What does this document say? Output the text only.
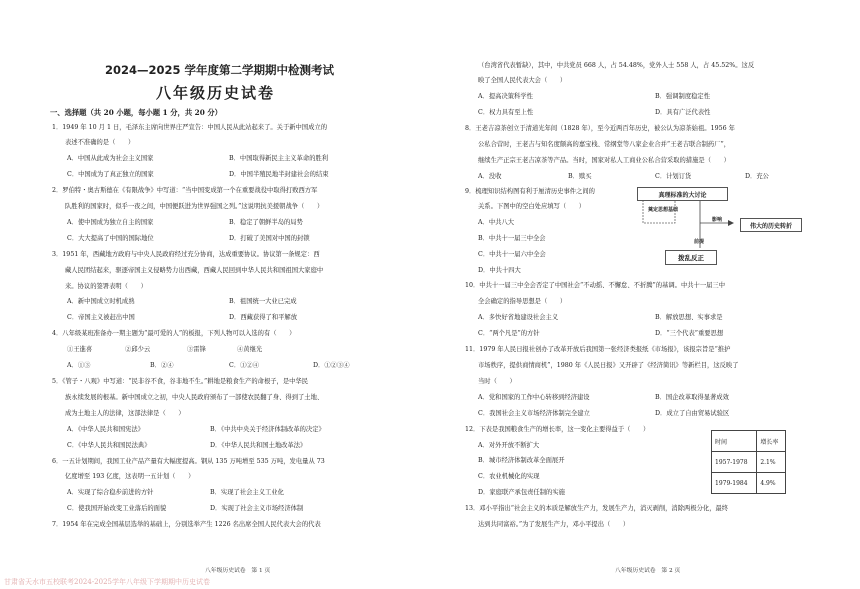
2024—2025 学年度第二学期期中检测考试
八年级历史试卷
一、选择题（共 20 小题，每小题 1 分，共 20 分）
1．1949 年 10 月 1 日，毛泽东主席向世界庄严宣告：中国人民从此站起来了。关于新中国成立的
表述不准确的是（　　）
A．中国从此成为社会主义国家	B．中国取得新民主主义革命的胜利
C．中国成为了真正独立的国家	D．中国半殖民地半封建社会的结束
2．罗伯特・奥古斯德在《有限战争》中写道：“当中国变成第一个在重要战役中取得打败西方军
队胜利的国家时，似乎一夜之间，中国便跃进为世界强国之列。”这说明抗美援朝战争（　　）
A．使中国成为独立自主的国家	B．稳定了朝鲜半岛的局势
C．大大提高了中国的国际地位	D．打破了美国对中国的封锁
3．1951 年，西藏地方政府与中央人民政府经过充分协商，达成重要协议。协议第一条规定：西
藏人民团结起来，驱逐帝国主义侵略势力出西藏，西藏人民回到中华人民共和国祖国大家庭中
来。协议的签署表明（　　）
A．新中国成立时机成熟	B．祖国统一大业已完成
C．帝国主义被赶出中国	D．西藏获得了和平解放
4．八年级某班准备办一期主题为“最可爱的人”的板报，下列人物可以入选的有（　　）
①王進喜	②邱少云	③雷锋	④黄继光
A．①③	B．②④	C．①②④	D．①②③④
5．《管子・八观》中写道：“民非谷不食，谷非地不生。”耕地是粮食生产的命根子，是中华民
族永续发展的根基。新中国成立之初，中央人民政府颁布了一部使农民翻了身、得到了土地、
成为土地主人的法律，这部法律是（　　）
A．《中华人民共和国宪法》	B．《中共中央关于经济体制改革的决定》
C．《中华人民共和国民法典》	D．《中华人民共和国土地改革法》
6．一五计划期间，我国工业产品产量有大幅度提高。钢从 135 万吨增至 535 万吨，发电量从 73
亿度增至 193 亿度，这表明一五计划（　　）
A．实现了综合稳步前进的方针	B．实现了社会主义工业化
C．使我国开始改变工业落后的面貌	D．实现了社会主义市场经济体制
7．1954 年在完成全国基层选举的基础上，分别选举产生 1226 名出席全国人民代表大会的代表
（台湾省代表暂缺），其中，中共党员 668 人，占 54.48%，党外人士 558 人，占 45.52%。这反
映了全国人民代表大会（　　）
A．提高决策科学性	B．强调制度稳定性
C．权力具有至上性	D．具有广泛代表性
8．王老吉凉茶创立于清道光年间（1828 年），至今近两百年历史，被公认为凉茶始祖。1956 年
公私合营时，王老吉与知名度颇高的嘉宝栈、常纲堂等八家企业合并“王老吉联合制药厂”，
继续生产正宗王老吉凉茶等产品。当时，国家对私人工商业公私合营采取的措施是（　　）
A．没收	B．赎买	C．计划订货	D．充公
9．梳理知识结构图有利于厘清历史事件之间的
关系。下图中的空白处应填写（　　）
A．中共八大
B．中共十一届三中全会
C．中共十一届六中全会
D．中共十四大
10．中共十一届三中全会否定了中国社会“不动摇、不懈怠、不折腾”的基调。中共十一届三中
全会确定的指导思想是（　　）
A．多快好省地建设社会主义	B．解放思想、实事求是
C．“两个凡是”的方针	D．“三个代表”重要思想
11．1979 年人民日报社创办了改革开放后我国第一张经济类报纸《市场报》，该报宗旨是“推护
市场秩序，提供商情商机”，1980 年《人民日报》又开辟了《经济简讯》等新栏目，这反映了
当时（　　）
A．党和国家的工作中心转移到经济建设	B．国企改革取得显著成效
C．我国社会主义市场经济体制完全建立	D．成立了自由贸易试验区
12．下表是我国粮食生产的增长率，这一变化主要得益于（　　）
A．对外开放不断扩大
B．城市经济体制改革全面展开
C．农业机械化的实现
D．家庭联产承包责任制的实施
13．邓小平指出“社会主义的本质是解放生产力，发展生产力，消灭剥削，消除两极分化，最终
达到共同富裕。”为了发展生产力，邓小平提出（　　）
真理标准的大讨论
奠定思想基础
影响
伟大的历史转折
前提
拨乱反正
时间	增长率
1957-1978	2.1%
1979-1984	4.9%
八年级历史试卷　第 1 页	八年级历史试卷　第 2 页
甘肃省天水市五校联考2024-2025学年八年级下学期期中历史试卷
